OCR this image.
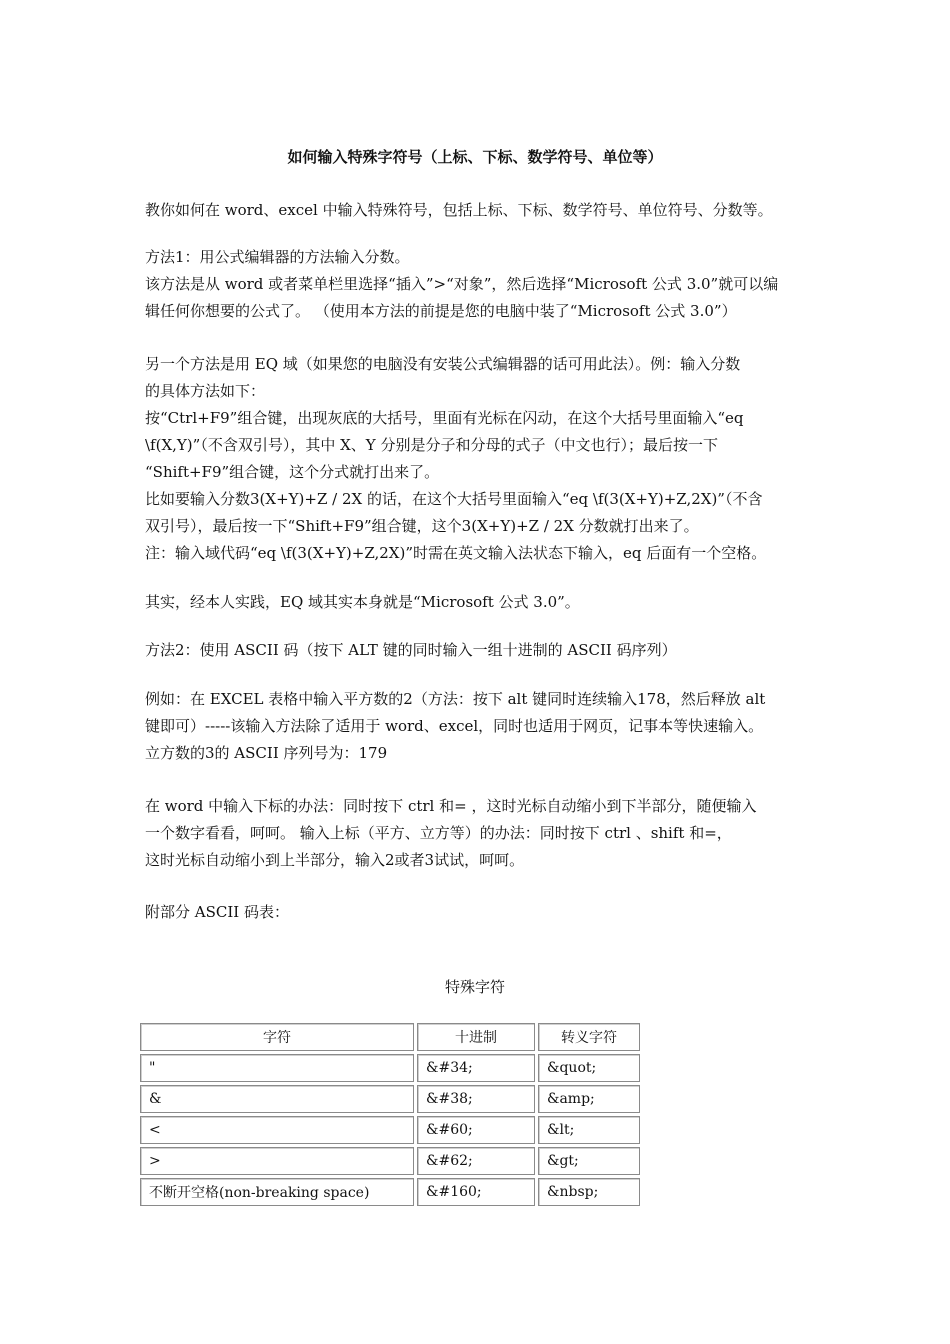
如何输入特殊字符号（上标、下标、数学符号、单位等）

教你如何在 word、excel 中输入特殊符号，包括上标、下标、数学符号、单位符号、分数等。

方法1：用公式编辑器的方法输入分数。
该方法是从 word 或者菜单栏里选择“插入”>“对象”，然后选择“Microsoft 公式 3.0”就可以编
辑任何你想要的公式了。 （使用本方法的前提是您的电脑中装了“Microsoft 公式 3.0”）

另一个方法是用 EQ 域（如果您的电脑没有安装公式编辑器的话可用此法）。例：输入分数
的具体方法如下：
按“Ctrl+F9”组合键，出现灰底的大括号，里面有光标在闪动，在这个大括号里面输入“eq
\f(X,Y)”（不含双引号），其中 X、Y 分别是分子和分母的式子（中文也行）；最后按一下
“Shift+F9”组合键，这个分式就打出来了。
比如要输入分数3(X+Y)+Z / 2X 的话，在这个大括号里面输入“eq \f(3(X+Y)+Z,2X)”（不含
双引号），最后按一下“Shift+F9”组合键，这个3(X+Y)+Z / 2X 分数就打出来了。
注：输入域代码“eq \f(3(X+Y)+Z,2X)”时需在英文输入法状态下输入，eq 后面有一个空格。

其实，经本人实践，EQ 域其实本身就是“Microsoft 公式 3.0”。

方法2：使用 ASCII 码（按下 ALT 键的同时输入一组十进制的 ASCII 码序列）

例如：在 EXCEL 表格中输入平方数的2（方法：按下 alt 键同时连续输入178，然后释放 alt
键即可）-----该输入方法除了适用于 word、excel，同时也适用于网页，记事本等快速输入。
立方数的3的 ASCII 序列号为：179

在 word 中输入下标的办法：同时按下 ctrl 和= ，这时光标自动缩小到下半部分，随便输入
一个数字看看，呵呵。 输入上标（平方、立方等）的办法：同时按下 ctrl 、shift 和=，
这时光标自动缩小到上半部分，输入2或者3试试，呵呵。

附部分 ASCII 码表：

特殊字符
字符	十进制	转义字符
"	&#34;	&quot;
&	&#38;	&amp;
<	&#60;	&lt;
>	&#62;	&gt;
不断开空格(non-breaking space)	&#160;	&nbsp;
